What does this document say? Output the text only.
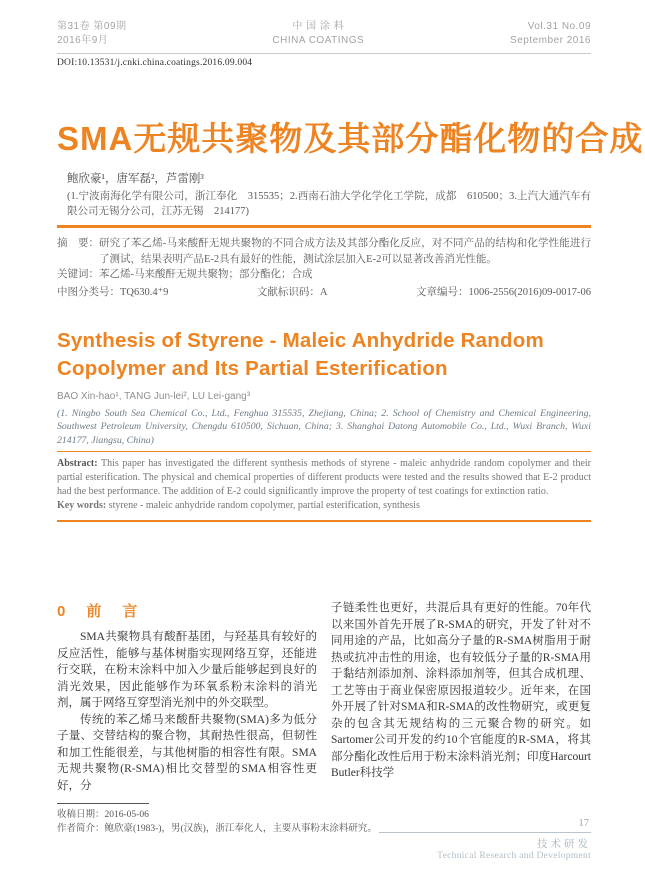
第31卷 第09期
2016年9月
中 国 涂 料
CHINA COATINGS
Vol.31 No.09
September 2016
DOI:10.13531/j.cnki.china.coatings.2016.09.004
SMA无规共聚物及其部分酯化物的合成
鲍欣豪¹，唐军磊²，芦雷刚³
(1.宁波南海化学有限公司，浙江奉化　315535；2.西南石油大学化学化工学院，成都　610500；3.上汽大通汽车有限公司无锡分公司，江苏无锡　214177)
摘　要： 研究了苯乙烯-马来酸酐无规共聚物的不同合成方法及其部分酯化反应，对不同产品的结构和化学性能进行了测试，结果表明产品E-2具有最好的性能，测试涂层加入E-2可以显著改善消光性能。
关键词： 苯乙烯-马来酸酐无规共聚物；部分酯化；合成
中图分类号：TQ630.4⁺9	文献标识码：A	文章编号：1006-2556(2016)09-0017-06
Synthesis of Styrene - Maleic Anhydride Random Copolymer and Its Partial Esterification
BAO Xin-hao¹, TANG Jun-lei², LU Lei-gang³
(1. Ningbo South Sea Chemical Co., Ltd., Fenghua 315535, Zhejiang, China; 2. School of Chemistry and Chemical Engineering, Southwest Petroleum University, Chengdu 610500, Sichuan, China; 3. Shanghai Datong Automobile Co., Ltd., Wuxi Branch, Wuxi 214177, Jiangsu, China)

Abstract: This paper has investigated the different synthesis methods of styrene - maleic anhydride random copolymer and their partial esterification. The physical and chemical properties of different products were tested and the results showed that E-2 product had the best performance. The addition of E-2 could significantly improve the property of test coatings for extinction ratio.

Key words: styrene - maleic anhydride random copolymer, partial esterification, synthesis

0　前　言

SMA共聚物具有酸酐基团，与羟基具有较好的反应活性，能够与基体树脂实现网络互穿，还能进行交联，在粉末涂料中加入少量后能够起到良好的消光效果，因此能够作为环氧系粉末涂料的消光剂，属于网络互穿型消光剂中的外交联型。

传统的苯乙烯马来酸酐共聚物(SMA)多为低分子量、交替结构的聚合物，其耐热性很高，但韧性和加工性能很差，与其他树脂的相容性有限。SMA无规共聚物(R-SMA)相比交替型的SMA相容性更好，分

收稿日期：2016-05-06
作者简介：鲍欣豪(1983-)，男(汉族)，浙江奉化人，主要从事粉末涂料研究。

子链柔性也更好，共混后具有更好的性能。70年代以来国外首先开展了R-SMA的研究，开发了针对不同用途的产品，比如高分子量的R-SMA树脂用于耐热或抗冲击性的用途，也有较低分子量的R-SMA用于黏结剂添加剂、涂料添加剂等，但其合成机理、工艺等由于商业保密原因报道较少。近年来，在国外开展了针对SMA和R-SMA的改性物研究，或更复杂的包含其无规结构的三元聚合物的研究。如Sartomer公司开发的约10个官能度的R-SMA，将其部分酯化改性后用于粉末涂料消光剂；印度Harcourt Butler科技学

17
技术研发
Technical Research and Development
